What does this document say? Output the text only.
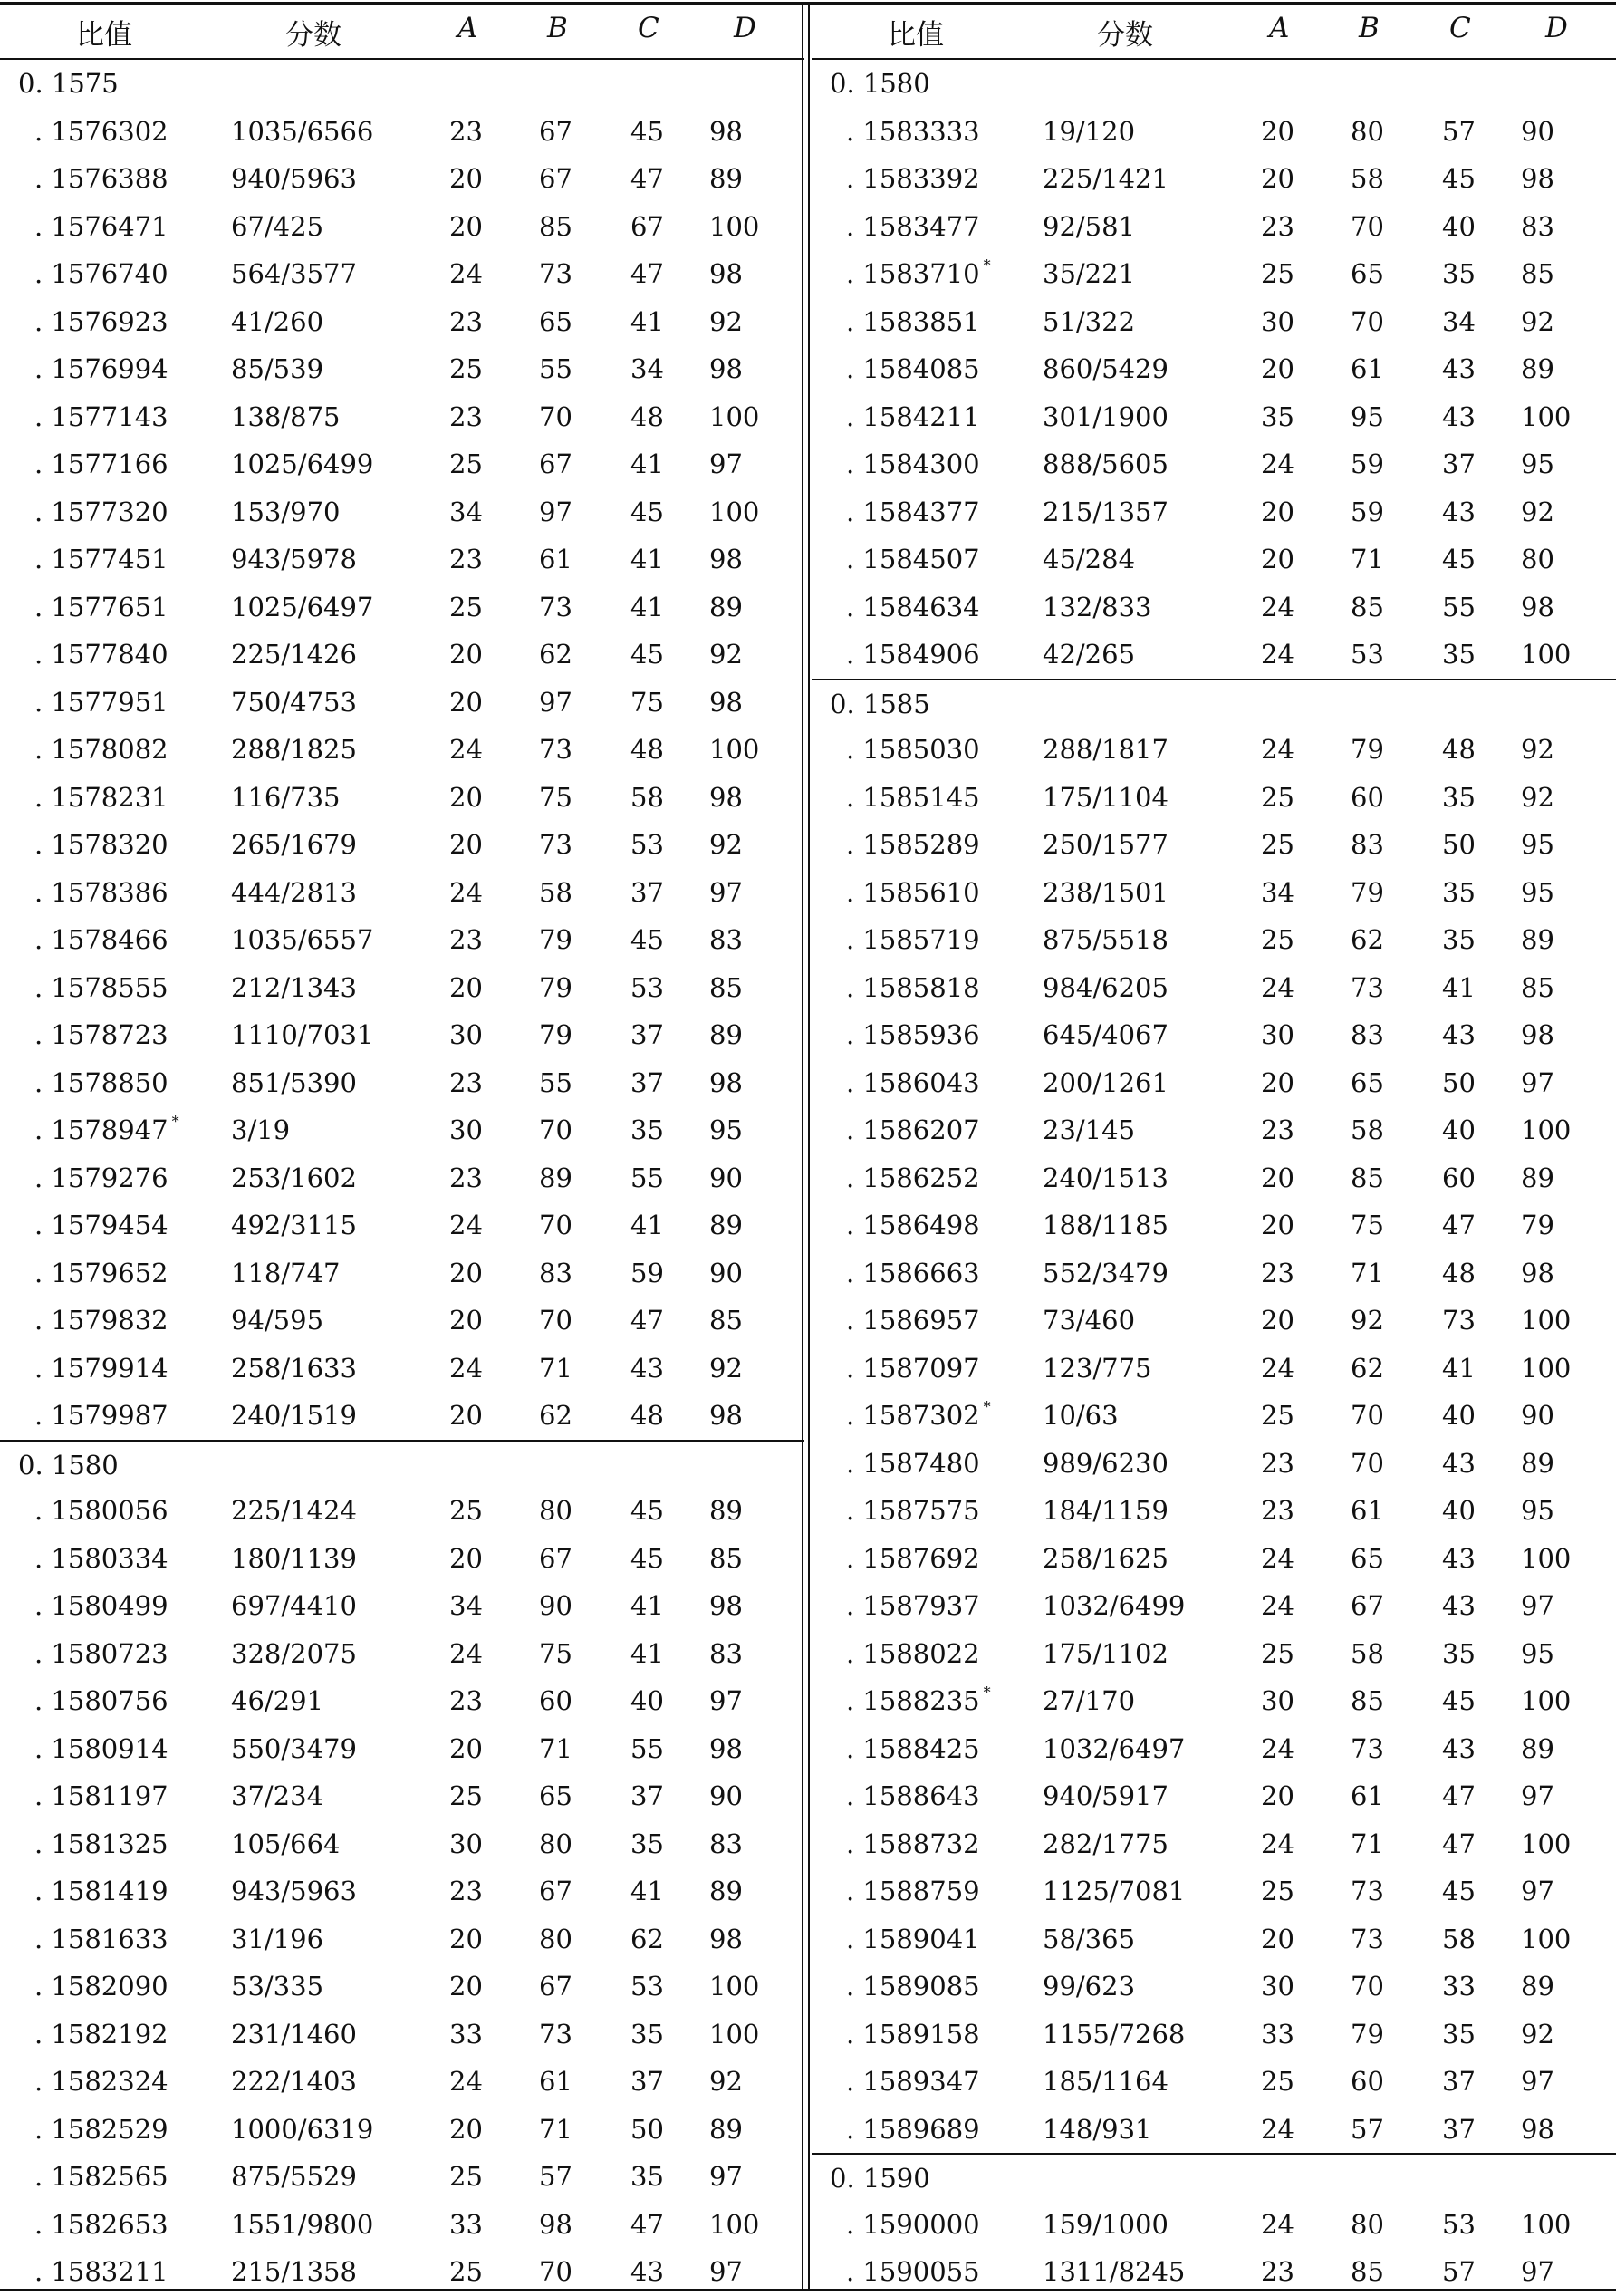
比值	分数	A B C	D
0. 1575
. 1576302 1035/6566	23 67 45 98
. 1576388 940/5963	20 67 47 89
. 1576471 67/425	20 85 67 100
. 1576740 564/3577	24 73 47 98
. 1576923 41/260	23 65 41 92
. 1576994 85/539	25 55 34 98
. 1577143 138/875	23 70 48 100
. 1577166 1025/6499	25 67 41 97
. 1577320 153/970	34 97 45 100
. 1577451 943/5978	23 61 41 98
. 1577651 1025/6497	25 73 41 89
. 1577840 225/1426	20 62 45 92
. 1577951 750/4753	20 97 75 98
. 1578082 288/1825	24 73 48 100
. 1578231 116/735	20 75 58 98
. 1578320 265/1679	20 73 53 92
. 1578386 444/2813	24 58 37 97
. 1578466 1035/6557	23 79 45 83
. 1578555 212/1343	20 79 53 85
. 1578723 1110/7031	30 79 37 89
. 1578850 851/5390	23 55 37 98
. 1578947 * 3/19	30 70 35 95
. 1579276 253/1602	23 89 55 90
. 1579454 492/3115	24 70 41 89
. 1579652 118/747	20 83 59 90
. 1579832 94/595	20 70 47 85
. 1579914 258/1633	24 71 43 92
. 1579987 240/1519	20 62 48 98
0. 1580
. 1580056 225/1424	25 80 45 89
. 1580334 180/1139	20 67 45 85
. 1580499 697/4410	34 90 41 98
. 1580723 328/2075	24 75 41 83
. 1580756 46/291	23 60 40 97
. 1580914 550/3479	20 71 55 98
. 1581197 37/234	25 65 37 90
. 1581325 105/664	30 80 35 83
. 1581419 943/5963	23 67 41 89
. 1581633 31/196	20 80 62 98
. 1582090 53/335	20 67 53 100
. 1582192 231/1460	33 73 35 100
. 1582324 222/1403	24 61 37 92
. 1582529 1000/6319	20 71 50 89
. 1582565 875/5529	25 57 35 97
. 1582653 1551/9800	33 98 47 100
. 1583211 215/1358	25 70 43 97
比值	分数	A B C	D
0. 1580
. 1583333 19/120	20 80 57 90
. 1583392 225/1421	20 58 45 98
. 1583477 92/581	23 70 40 83
. 1583710 * 35/221	25 65 35 85
. 1583851 51/322	30 70 34 92
. 1584085 860/5429	20 61 43 89
. 1584211 301/1900	35 95 43 100
. 1584300 888/5605	24 59 37 95
. 1584377 215/1357	20 59 43 92
. 1584507 45/284	20 71 45 80
. 1584634 132/833	24 85 55 98
. 1584906 42/265	24 53 35 100
0. 1585
. 1585030 288/1817	24 79 48 92
. 1585145 175/1104	25 60 35 92
. 1585289 250/1577	25 83 50 95
. 1585610 238/1501	34 79 35 95
. 1585719 875/5518	25 62 35 89
. 1585818 984/6205	24 73 41 85
. 1585936 645/4067	30 83 43 98
. 1586043 200/1261	20 65 50 97
. 1586207 23/145	23 58 40 100
. 1586252 240/1513	20 85 60 89
. 1586498 188/1185	20 75 47 79
. 1586663 552/3479	23 71 48 98
. 1586957 73/460	20 92 73 100
. 1587097 123/775	24 62 41 100
. 1587302 * 10/63	25 70 40 90
. 1587480 989/6230	23 70 43 89
. 1587575 184/1159	23 61 40 95
. 1587692 258/1625	24 65 43 100
. 1587937 1032/6499	24 67 43 97
. 1588022 175/1102	25 58 35 95
. 1588235 * 27/170	30 85 45 100
. 1588425 1032/6497	24 73 43 89
. 1588643 940/5917	20 61 47 97
. 1588732 282/1775	24 71 47 100
. 1588759 1125/7081	25 73 45 97
. 1589041 58/365	20 73 58 100
. 1589085 99/623	30 70 33 89
. 1589158 1155/7268	33 79 35 92
. 1589347 185/1164	25 60 37 97
. 1589689 148/931	24 57 37 98
0. 1590
. 1590000 159/1000	24 80 53 100
. 1590055 1311/8245	23 85 57 97
